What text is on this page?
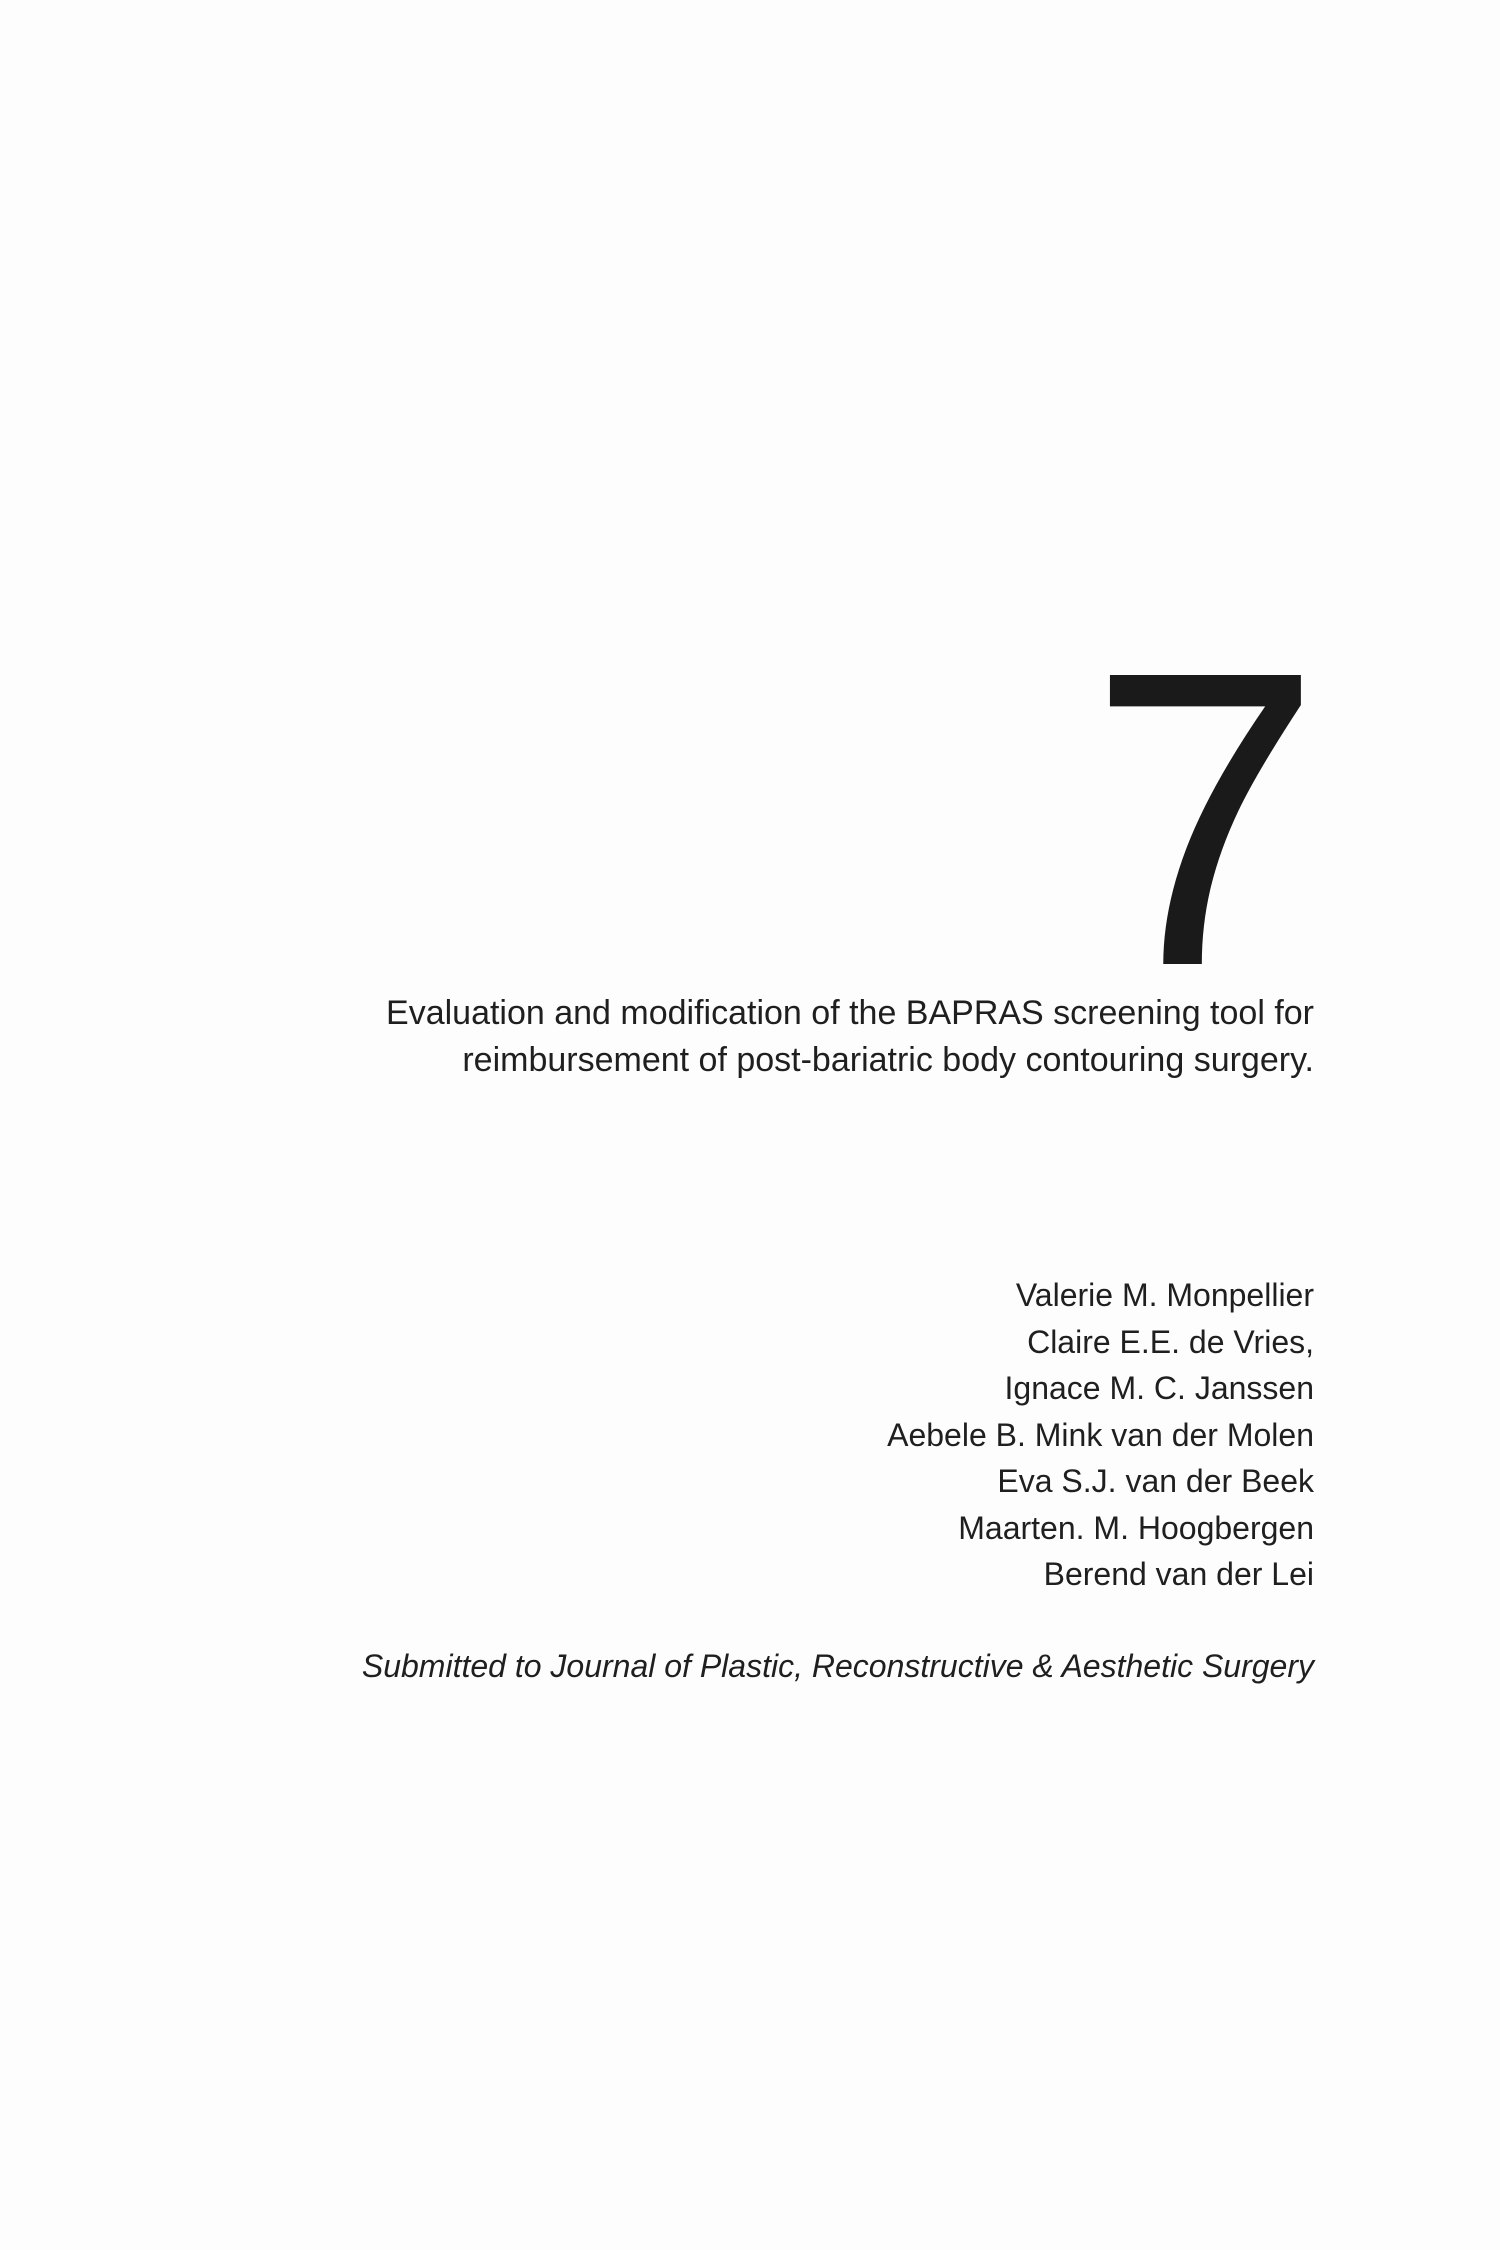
7
Evaluation and modification of the BAPRAS screening tool for
reimbursement of post-bariatric body contouring surgery.
Valerie M. Monpellier
Claire E.E. de Vries,
Ignace M. C. Janssen
Aebele B. Mink van der Molen
Eva S.J. van der Beek
Maarten. M. Hoogbergen
Berend van der Lei
Submitted to Journal of Plastic, Reconstructive & Aesthetic Surgery
